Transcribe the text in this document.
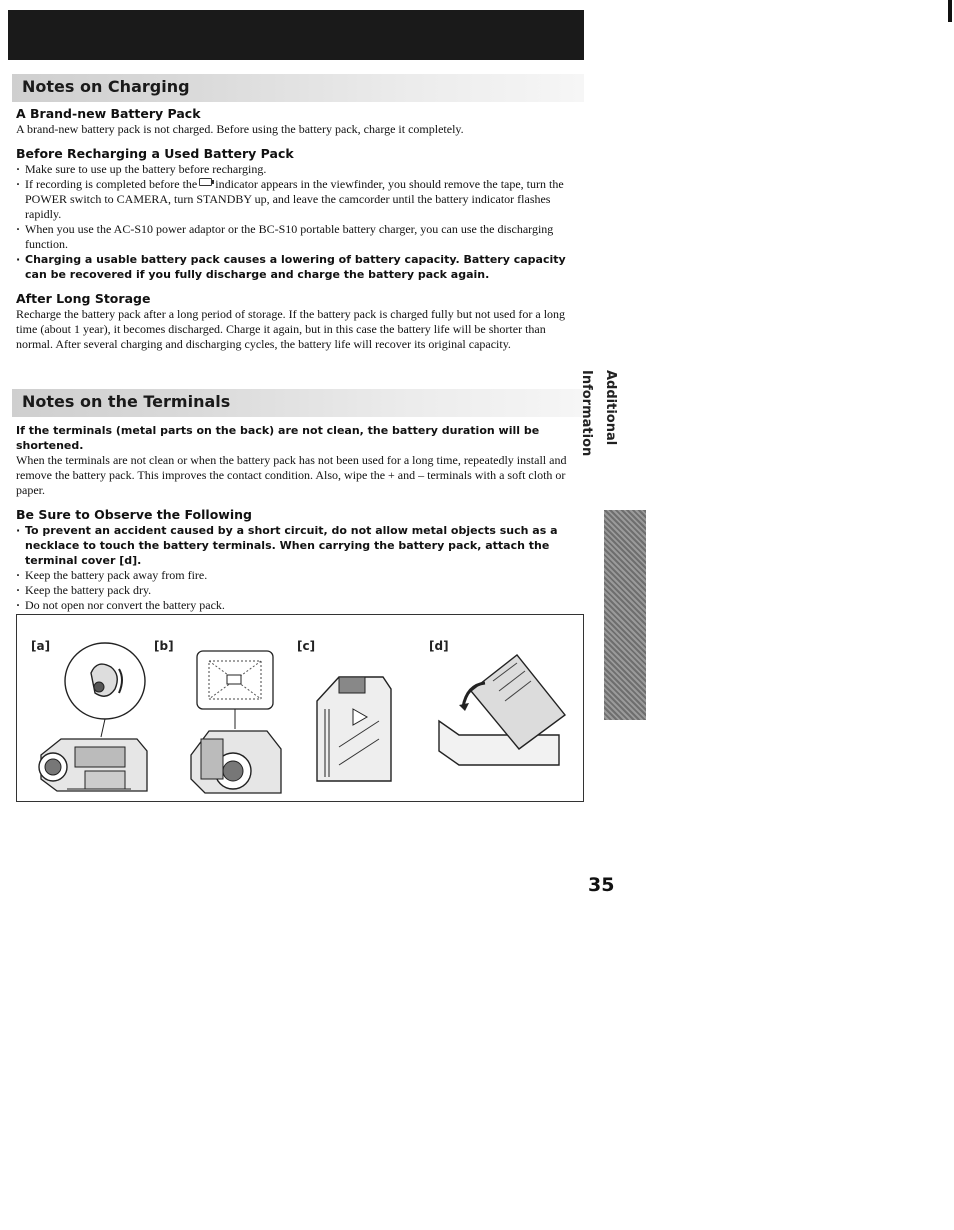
Notes on Charging
A Brand-new Battery Pack

A brand-new battery pack is not charged. Before using the battery pack, charge it completely.

Before Recharging a Used Battery Pack
· Make sure to use up the battery before recharging.
· If recording is completed before the indicator appears in the viewfinder, you should remove the tape, turn the POWER switch to CAMERA, turn STANDBY up, and leave the camcorder until the battery indicator flashes rapidly.
· When you use the AC-S10 power adaptor or the BC-S10 portable battery charger, you can use the discharging function.
· Charging a usable battery pack causes a lowering of battery capacity. Battery capacity can be recovered if you fully discharge and charge the battery pack again.
After Long Storage

Recharge the battery pack after a long period of storage. If the battery pack is charged fully but not used for a long time (about 1 year), it becomes discharged. Charge it again, but in this case the battery life will be shorter than normal. After several charging and discharging cycles, the battery life will recover its original capacity.

Notes on the Terminals

If the terminals (metal parts on the back) are not clean, the battery duration will be shortened.

When the terminals are not clean or when the battery pack has not been used for a long time, repeatedly install and remove the battery pack. This improves the contact condition. Also, wipe the + and – terminals with a soft cloth or paper.

Be Sure to Observe the Following
· To prevent an accident caused by a short circuit, do not allow metal objects such as a necklace to touch the battery terminals. When carrying the battery pack, attach the terminal cover [d].
· Keep the battery pack away from fire.
· Keep the battery pack dry.
· Do not open nor convert the battery pack.
·
Additional Information
[a]	[b]	[c]	[d]
35
